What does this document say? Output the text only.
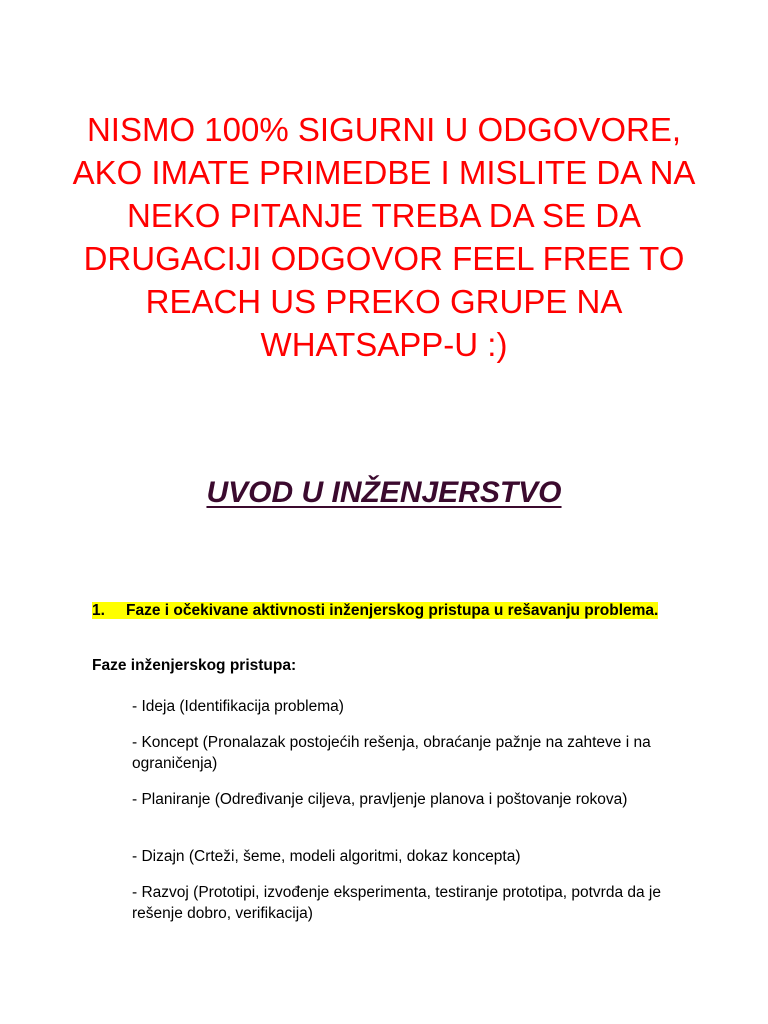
NISMO 100% SIGURNI U ODGOVORE, AKO IMATE PRIMEDBE I MISLITE DA NA NEKO PITANJE TREBA DA SE DA DRUGACIJI ODGOVOR FEEL FREE TO REACH US PREKO GRUPE NA WHATSAPP-U :)

UVOD U INŽENJERSTVO

1. Faze i očekivane aktivnosti inženjerskog pristupa u rešavanju problema.

Faze inženjerskog pristupa:

- Ideja (Identifikacija problema)

- Koncept (Pronalazak postojećih rešenja, obraćanje pažnje na zahteve i na ograničenja)

- Planiranje (Određivanje ciljeva, pravljenje planova i poštovanje rokova)

- Dizajn (Crteži, šeme, modeli algoritmi, dokaz koncepta)

- Razvoj (Prototipi, izvođenje eksperimenta, testiranje prototipa, potvrda da je rešenje dobro, verifikacija)
